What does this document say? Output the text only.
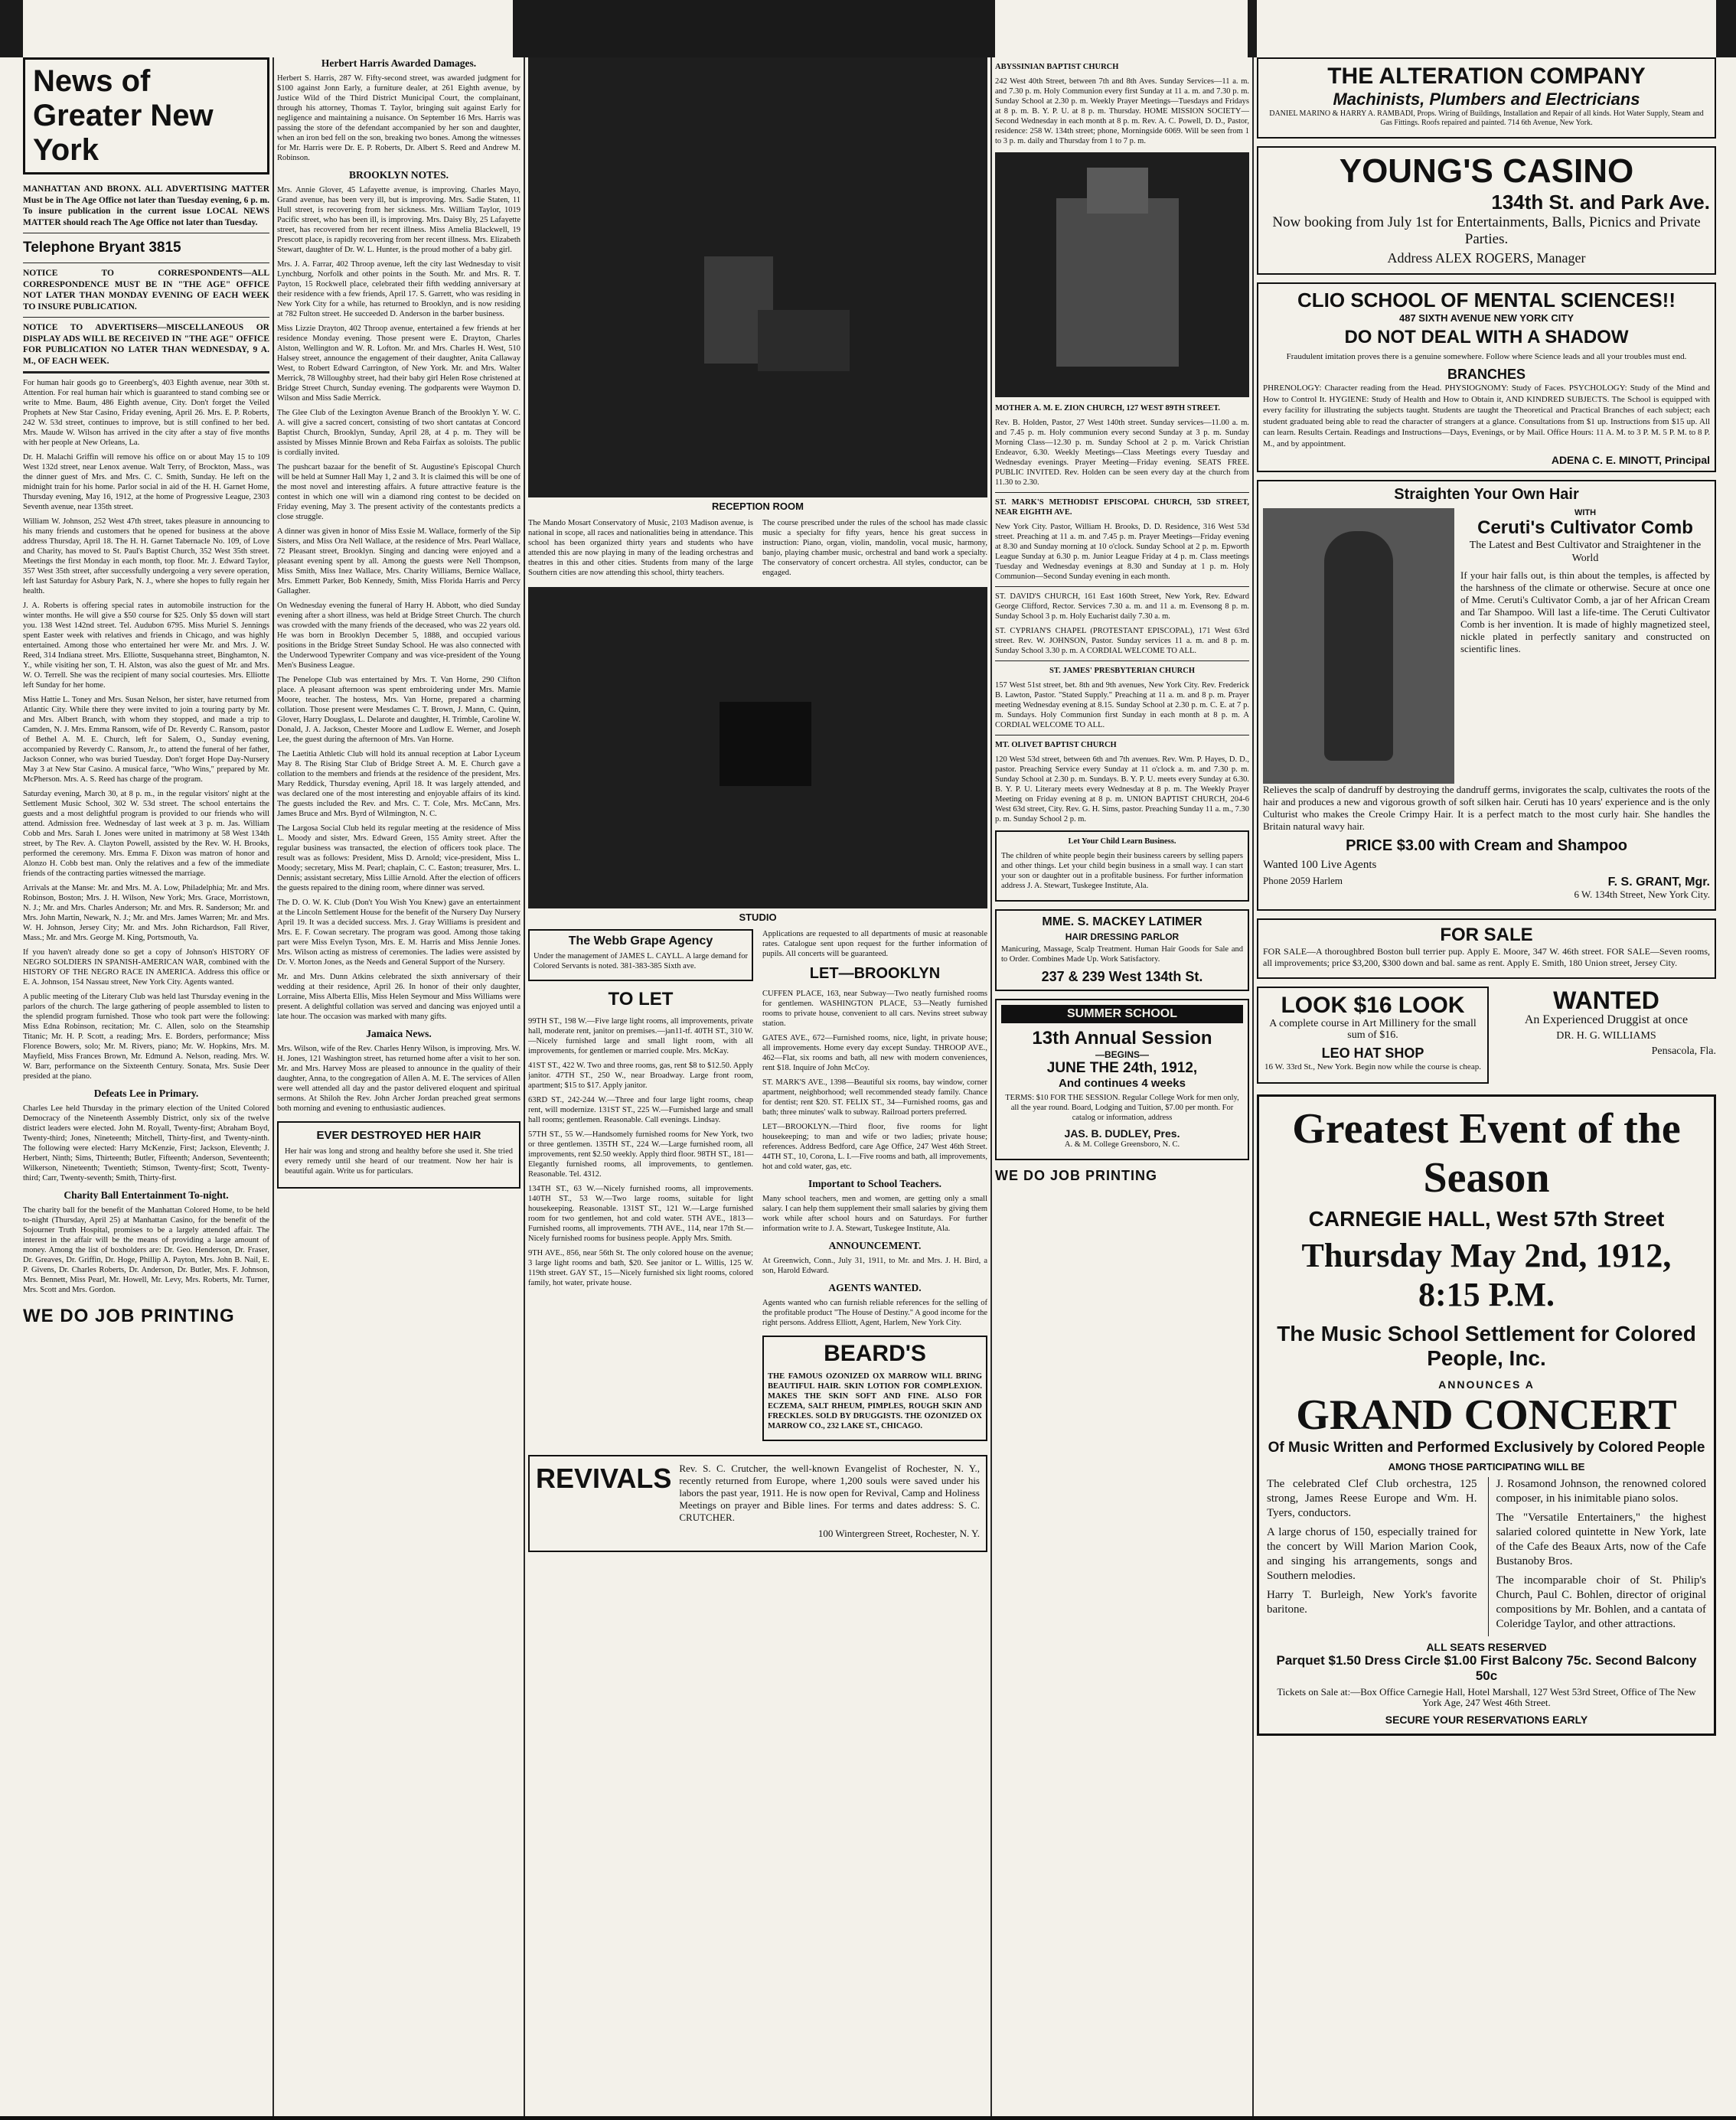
News of Greater New York

MANHATTAN AND BRONX. ALL ADVERTISING MATTER Must be in The Age Office not later than Tuesday evening, 6 p. m. To insure publication in the current issue LOCAL NEWS MATTER should reach The Age Office not later than Tuesday.

Telephone Bryant 3815

NOTICE TO CORRESPONDENTS—ALL CORRESPONDENCE MUST BE IN "THE AGE" OFFICE NOT LATER THAN MONDAY EVENING OF EACH WEEK TO INSURE PUBLICATION.

NOTICE TO ADVERTISERS—MISCELLANEOUS OR DISPLAY ADS WILL BE RECEIVED IN "THE AGE" OFFICE FOR PUBLICATION NO LATER THAN WEDNESDAY, 9 A. M., OF EACH WEEK.

For human hair goods go to Greenberg's, 403 Eighth avenue, near 30th st. Attention. For real human hair which is guaranteed to stand combing see or write to Mme. Baum, 486 Eighth avenue, City. Don't forget the Veiled Prophets at New Star Casino, Friday evening, April 26. Mrs. E. P. Roberts, 242 W. 53d street, continues to improve, but is still confined to her bed. Mrs. Maude W. Wilson has arrived in the city after a stay of five months with her people at New Orleans, La.

Dr. H. Malachi Griffin will remove his office on or about May 15 to 109 West 132d street, near Lenox avenue. Walt Terry, of Brockton, Mass., was the dinner guest of Mrs. and Mrs. C. C. Smith, Sunday. He left on the midnight train for his home. Parlor social in aid of the H. H. Garnet Home, Thursday evening, May 16, 1912, at the home of Progressive League, 2303 Seventh avenue, near 135th street.

William W. Johnson, 252 West 47th street, takes pleasure in announcing to his many friends and customers that he opened for business at the above address Thursday, April 18. The H. H. Garnet Tabernacle No. 109, of Love and Charity, has moved to St. Paul's Baptist Church, 352 West 35th street. Meetings the first Monday in each month, top floor. Mr. J. Edward Taylor, 357 West 35th street, after successfully undergoing a very severe operation, left last Saturday for Asbury Park, N. J., where she hopes to fully regain her health.

J. A. Roberts is offering special rates in automobile instruction for the winter months. He will give a $50 course for $25. Only $5 down will start you. 138 West 142nd street. Tel. Audubon 6795. Miss Muriel S. Jennings spent Easter week with relatives and friends in Chicago, and was highly entertained. Among those who entertained her were Mr. and Mrs. J. W. Reed, 314 Indiana street. Mrs. Elliotte, Susquehanna street, Binghamton, N. Y., while visiting her son, T. H. Alston, was also the guest of Mr. and Mrs. W. O. Terrell. She was the recipient of many social courtesies. Mrs. Elliotte left Sunday for her home.

Miss Hattie L. Toney and Mrs. Susan Nelson, her sister, have returned from Atlantic City. While there they were invited to join a touring party by Mr. and Mrs. Albert Branch, with whom they stopped, and made a trip to Camden, N. J. Mrs. Emma Ransom, wife of Dr. Reverdy C. Ransom, pastor of Bethel A. M. E. Church, left for Salem, O., Sunday evening, accompanied by Reverdy C. Ransom, Jr., to attend the funeral of her father, Jackson Conner, who was buried Tuesday. Don't forget Hope Day-Nursery May 3 at New Star Casino. A musical farce, "Who Wins," prepared by Mr. McPherson. Mrs. A. S. Reed has charge of the program.

Saturday evening, March 30, at 8 p. m., in the regular visitors' night at the Settlement Music School, 302 W. 53d street. The school entertains the guests and a most delightful program is provided to our friends who will attend. Admission free. Wednesday of last week at 3 p. m. Jas. William Cobb and Mrs. Sarah I. Jones were united in matrimony at 58 West 134th street, by The Rev. A. Clayton Powell, assisted by the Rev. W. H. Brooks, performed the ceremony. Mrs. Emma F. Dixon was matron of honor and Alonzo H. Cobb best man. Only the relatives and a few of the immediate friends of the contracting parties witnessed the marriage.

Arrivals at the Manse: Mr. and Mrs. M. A. Low, Philadelphia; Mr. and Mrs. Robinson, Boston; Mrs. J. H. Wilson, New York; Mrs. Grace, Morristown, N. J.; Mr. and Mrs. Charles Anderson; Mr. and Mrs. R. Sanderson; Mr. and Mrs. John Martin, Newark, N. J.; Mr. and Mrs. James Warren; Mr. and Mrs. W. H. Johnson, Jersey City; Mr. and Mrs. John Richardson, Fall River, Mass.; Mr. and Mrs. George M. King, Portsmouth, Va.

If you haven't already done so get a copy of Johnson's HISTORY OF NEGRO SOLDIERS IN SPANISH-AMERICAN WAR, combined with the HISTORY OF THE NEGRO RACE IN AMERICA. Address this office or E. A. Johnson, 154 Nassau street, New York City. Agents wanted.

A public meeting of the Literary Club was held last Thursday evening in the parlors of the church. The large gathering of people assembled to listen to the splendid program furnished. Those who took part were the following: Miss Edna Robinson, recitation; Mr. C. Allen, solo on the Steamship Titanic; Mr. H. P. Scott, a reading; Mrs. E. Borders, performance; Miss Florence Bowers, solo; Mr. M. Rivers, piano; Mr. W. Hopkins, Mrs. M. Mayfield, Miss Frances Brown, Mr. Edmund A. Nelson, reading. Mrs. W. W. Barr, performance on the Sixteenth Century. Sonata, Mrs. Susie Deer presided at the piano.

Defeats Lee in Primary.

Charles Lee held Thursday in the primary election of the United Colored Democracy of the Nineteenth Assembly District, only six of the twelve district leaders were elected. John M. Royall, Twenty-first; Abraham Boyd, Twenty-third; Jones, Nineteenth; Mitchell, Thirty-first, and Twenty-ninth. The following were elected: Harry McKenzie, First; Jackson, Eleventh; J. Herbert, Ninth; Sims, Thirteenth; Butler, Fifteenth; Anderson, Seventeenth; Wilkerson, Nineteenth; Twentieth; Stimson, Twenty-first; Scott, Twenty-third; Carr, Twenty-seventh; Smith, Thirty-first.

Charity Ball Entertainment To-night.

The charity ball for the benefit of the Manhattan Colored Home, to be held to-night (Thursday, April 25) at Manhattan Casino, for the benefit of the Sojourner Truth Hospital, promises to be a largely attended affair. The interest in the affair will be the means of providing a large amount of money. Among the list of boxholders are: Dr. Geo. Henderson, Dr. Fraser, Dr. Greaves, Dr. Griffin, Dr. Hoge, Phillip A. Payton, Mrs. John B. Nail, E. P. Givens, Dr. Charles Roberts, Dr. Anderson, Dr. Butler, Mrs. F. Johnson, Mrs. Bennett, Miss Pearl, Mr. Howell, Mr. Levy, Mrs. Roberts, Mr. Turner, Mrs. Scott and Mrs. Gordon.

WE DO JOB PRINTING
Herbert Harris Awarded Damages.

Herbert S. Harris, 287 W. Fifty-second street, was awarded judgment for $100 against Jonn Early, a furniture dealer, at 261 Eighth avenue, by Justice Wild of the Third District Municipal Court, the complainant, through his attorney, Thomas T. Taylor, bringing suit against Early for negligence and maintaining a nuisance. On September 16 Mrs. Harris was passing the store of the defendant accompanied by her son and daughter, when an iron bed fell on the son, breaking two bones. Among the witnesses for Mr. Harris were Dr. E. P. Roberts, Dr. Albert S. Reed and Andrew M. Robinson.

BROOKLYN NOTES.

Mrs. Annie Glover, 45 Lafayette avenue, is improving. Charles Mayo, Grand avenue, has been very ill, but is improving. Mrs. Sadie Staten, 11 Hull street, is recovering from her sickness. Mrs. William Taylor, 1019 Pacific street, who has been ill, is improving. Mrs. Daisy Bly, 25 Lafayette street, has recovered from her recent illness. Miss Amelia Blackwell, 19 Prescott place, is rapidly recovering from her recent illness. Mrs. Elizabeth Stewart, daughter of Dr. W. L. Hunter, is the proud mother of a baby girl.

Mrs. J. A. Farrar, 402 Throop avenue, left the city last Wednesday to visit Lynchburg, Norfolk and other points in the South. Mr. and Mrs. R. T. Payton, 15 Rockwell place, celebrated their fifth wedding anniversary at their residence with a few friends, April 17. S. Garrett, who was residing in New York City for a while, has returned to Brooklyn, and is now residing at 782 Fulton street. He succeeded D. Anderson in the barber business.

Miss Lizzie Drayton, 402 Throop avenue, entertained a few friends at her residence Monday evening. Those present were E. Drayton, Charles Alston, Wellington and W. R. Lofton. Mr. and Mrs. Charles H. West, 510 Halsey street, announce the engagement of their daughter, Anita Callaway West, to Robert Edward Carrington, of New York. Mr. and Mrs. Walter Merrick, 78 Willoughby street, had their baby girl Helen Rose christened at Bridge Street Church, Sunday evening. The godparents were Waymon D. Wilson and Miss Sadie Merrick.

The Glee Club of the Lexington Avenue Branch of the Brooklyn Y. W. C. A. will give a sacred concert, consisting of two short cantatas at Concord Baptist Church, Brooklyn, Sunday, April 28, at 4 p. m. They will be assisted by Misses Minnie Brown and Reba Fairfax as soloists. The public is cordially invited.

The pushcart bazaar for the benefit of St. Augustine's Episcopal Church will be held at Sumner Hall May 1, 2 and 3. It is claimed this will be one of the most novel and interesting affairs. A future attractive feature is the contest in which one will win a diamond ring contest to be decided on Friday evening, May 3. The present activity of the contestants predicts a close struggle.

A dinner was given in honor of Miss Essie M. Wallace, formerly of the Sip Sisters, and Miss Ora Nell Wallace, at the residence of Mrs. Pearl Wallace, 72 Pleasant street, Brooklyn. Singing and dancing were enjoyed and a pleasant evening spent by all. Among the guests were Nell Thompson, Miss Smith, Miss Inez Wallace, Mrs. Charity Williams, Bernice Wallace, Mrs. Emmett Parker, Bob Kennedy, Smith, Miss Florida Harris and Percy Gallagher.

On Wednesday evening the funeral of Harry H. Abbott, who died Sunday evening after a short illness, was held at Bridge Street Church. The church was crowded with the many friends of the deceased, who was 22 years old. He was born in Brooklyn December 5, 1888, and occupied various positions in the Bridge Street Sunday School. He was also connected with the Underwood Typewriter Company and was vice-president of the Young Men's Business League.

The Penelope Club was entertained by Mrs. T. Van Horne, 290 Clifton place. A pleasant afternoon was spent embroidering under Mrs. Mamie Moore, teacher. The hostess, Mrs. Van Horne, prepared a charming collation. Those present were Mesdames C. T. Brown, J. Mann, C. Quinn, Glover, Harry Douglass, L. Delarote and daughter, H. Trimble, Caroline W. Donald, J. A. Jackson, Chester Moore and Ludlow E. Werner, and Joseph Lee, the guest during the afternoon of Mrs. Van Horne.

The Laetitia Athletic Club will hold its annual reception at Labor Lyceum May 8. The Rising Star Club of Bridge Street A. M. E. Church gave a collation to the members and friends at the residence of the president, Mrs. Mary Reddick, Thursday evening, April 18. It was largely attended, and was declared one of the most interesting and enjoyable affairs of its kind. The guests included the Rev. and Mrs. C. T. Cole, Mrs. McCann, Mrs. James Bruce and Mrs. Byrd of Wilmington, N. C.

The Largosa Social Club held its regular meeting at the residence of Miss L. Moody and sister, Mrs. Edward Green, 155 Amity street. After the regular business was transacted, the election of officers took place. The result was as follows: President, Miss D. Arnold; vice-president, Miss L. Moody; secretary, Miss M. Pearl; chaplain, C. C. Easton; treasurer, Mrs. L. Dennis; assistant secretary, Miss Lillie Arnold. After the election of officers the guests repaired to the dining room, where dinner was served.

The D. O. W. K. Club (Don't You Wish You Knew) gave an entertainment at the Lincoln Settlement House for the benefit of the Nursery Day Nursery April 19. It was a decided success. Mrs. J. Gray Williams is president and Mrs. E. F. Cowan secretary. The program was good. Among those taking part were Miss Evelyn Tyson, Mrs. E. M. Harris and Miss Jennie Jones. Mrs. Wilson acting as mistress of ceremonies. The ladies were assisted by Dr. V. Morton Jones, as the Needs and General Support of the Nursery.

Mr. and Mrs. Dunn Atkins celebrated the sixth anniversary of their wedding at their residence, April 26. In honor of their only daughter, Lorraine, Miss Alberta Ellis, Miss Helen Seymour and Miss Williams were present. A delightful collation was served and dancing was enjoyed until a late hour. The occasion was marked with many gifts.

Jamaica News.

Mrs. Wilson, wife of the Rev. Charles Henry Wilson, is improving. Mrs. W. H. Jones, 121 Washington street, has returned home after a visit to her son. Mr. and Mrs. Harvey Moss are pleased to announce in the quality of their daughter, Anna, to the congregation of Allen A. M. E. The services of Allen were well attended all day and the pastor delivered eloquent and spiritual sermons. At Shiloh the Rev. John Archer Jordan preached great sermons both morning and evening to enthusiastic audiences.

EVER DESTROYED HER HAIR

Her hair was long and strong and healthy before she used it. She tried every remedy until she heard of our treatment. Now her hair is beautiful again. Write us for particulars.

RECEPTION ROOM

The Mando Mosart Conservatory of Music, 2103 Madison avenue, is national in scope, all races and nationalities being in attendance. This school has been organized thirty years and students who have attended this are now playing in many of the leading orchestras and theatres in this and other cities. Students from many of the large Southern cities are now attending this school, thirty teachers.

The course prescribed under the rules of the school has made classic music a specialty for fifty years, hence his great success in instruction: Piano, organ, violin, mandolin, vocal music, harmony, banjo, playing chamber music, orchestral and band work a specialty. The conservatory of concert orchestra. All styles, conductor, can be engaged.

STUDIO
The Webb Grape Agency

Under the management of JAMES L. CAYLL. A large demand for Colored Servants is noted. 381-383-385 Sixth ave.

TO LET

99TH ST., 198 W.—Five large light rooms, all improvements, private hall, moderate rent, janitor on premises.—jan11-tf. 40TH ST., 310 W.—Nicely furnished large and small light room, with all improvements, for gentlemen or married couple. Mrs. McKay.

41ST ST., 422 W. Two and three rooms, gas, rent $8 to $12.50. Apply janitor. 47TH ST., 250 W., near Broadway. Large front room, apartment; $15 to $17. Apply janitor.

63RD ST., 242-244 W.—Three and four large light rooms, cheap rent, will modernize. 131ST ST., 225 W.—Furnished large and small hall rooms; gentlemen. Reasonable. Call evenings. Lindsay.

57TH ST., 55 W.—Handsomely furnished rooms for New York, two or three gentlemen. 135TH ST., 224 W.—Large furnished room, all improvements, rent $2.50 weekly. Apply third floor. 98TH ST., 181—Elegantly furnished rooms, all improvements, to gentlemen. Reasonable. Tel. 4312.

134TH ST., 63 W.—Nicely furnished rooms, all improvements. 140TH ST., 53 W.—Two large rooms, suitable for light housekeeping. Reasonable. 131ST ST., 121 W.—Large furnished room for two gentlemen, hot and cold water. 5TH AVE., 1813—Furnished rooms, all improvements. 7TH AVE., 114, near 17th St.—Nicely furnished rooms for business people. Apply Mrs. Smith.

9TH AVE., 856, near 56th St. The only colored house on the avenue; 3 large light rooms and bath, $20. See janitor or L. Willis, 125 W. 119th street. GAY ST., 15—Nicely furnished six light rooms, colored family, hot water, private house.

Applications are requested to all departments of music at reasonable rates. Catalogue sent upon request for the further information of pupils. All concerts will be guaranteed.

LET—BROOKLYN

CUFFEN PLACE, 163, near Subway—Two neatly furnished rooms for gentlemen. WASHINGTON PLACE, 53—Neatly furnished rooms to private house, convenient to all cars. Nevins street subway station.

GATES AVE., 672—Furnished rooms, nice, light, in private house; all improvements. Home every day except Sunday. THROOP AVE., 462—Flat, six rooms and bath, all new with modern conveniences, rent $18. Inquire of John McCoy.

ST. MARK'S AVE., 1398—Beautiful six rooms, bay window, corner apartment, neighborhood; well recommended steady family. Chance for dentist; rent $20. ST. FELIX ST., 34—Furnished rooms, gas and bath; three minutes' walk to subway. Railroad porters preferred.

LET—BROOKLYN.—Third floor, five rooms for light housekeeping; to man and wife or two ladies; private house; references. Address Bedford, care Age Office, 247 West 46th Street. 44TH ST., 10, Corona, L. I.—Five rooms and bath, all improvements, hot and cold water, gas, etc.

Important to School Teachers.

Many school teachers, men and women, are getting only a small salary. I can help them supplement their small salaries by giving them work while after school hours and on Saturdays. For further information write to J. A. Stewart, Tuskegee Institute, Ala.

ANNOUNCEMENT.

At Greenwich, Conn., July 31, 1911, to Mr. and Mrs. J. H. Bird, a son, Harold Edward.

AGENTS WANTED.

Agents wanted who can furnish reliable references for the selling of the profitable product "The House of Destiny." A good income for the right persons. Address Elliott, Agent, Harlem, New York City.

BEARD'S

THE FAMOUS OZONIZED OX MARROW WILL BRING BEAUTIFUL HAIR. SKIN LOTION FOR COMPLEXION. MAKES THE SKIN SOFT AND FINE. ALSO FOR ECZEMA, SALT RHEUM, PIMPLES, ROUGH SKIN AND FRECKLES. SOLD BY DRUGGISTS. THE OZONIZED OX MARROW CO., 232 LAKE ST., CHICAGO.

REVIVALS Rev. S. C. Crutcher, the well-known Evangelist of Rochester, N. Y., recently returned from Europe, where 1,200 souls were saved under his labors the past year, 1911. He is now open for Revival, Camp and Holiness Meetings on prayer and Bible lines. For terms and dates address: S. C. CRUTCHER.

100 Wintergreen Street, Rochester, N. Y.

ABYSSINIAN BAPTIST CHURCH

242 West 40th Street, between 7th and 8th Aves. Sunday Services—11 a. m. and 7.30 p. m. Holy Communion every first Sunday at 11 a. m. and 7.30 p. m. Sunday School at 2.30 p. m. Weekly Prayer Meetings—Tuesdays and Fridays at 8 p. m. B. Y. P. U. at 8 p. m. Thursday. HOME MISSION SOCIETY—Second Wednesday in each month at 8 p. m. Rev. A. C. Powell, D. D., Pastor, residence: 258 W. 134th street; phone, Morningside 6069. Will be seen from 1 to 3 p. m. daily and Thursday from 1 to 7 p. m.

MOTHER A. M. E. ZION CHURCH, 127 WEST 89TH STREET.

Rev. B. Holden, Pastor, 27 West 140th street. Sunday services—11.00 a. m. and 7.45 p. m. Holy communion every second Sunday at 3 p. m. Sunday Morning Class—12.30 p. m. Sunday School at 2 p. m. Varick Christian Endeavor, 6.30. Weekly Meetings—Class Meetings every Tuesday and Wednesday evenings. Prayer Meeting—Friday evening. SEATS FREE. PUBLIC INVITED. Rev. Holden can be seen every day at the church from 11.30 to 2.30.

ST. MARK'S METHODIST EPISCOPAL CHURCH, 53D STREET, NEAR EIGHTH AVE.

New York City. Pastor, William H. Brooks, D. D. Residence, 316 West 53d street. Preaching at 11 a. m. and 7.45 p. m. Prayer Meetings—Friday evening at 8.30 and Sunday morning at 10 o'clock. Sunday School at 2 p. m. Epworth League Sunday at 6.30 p. m. Junior League Friday at 4 p. m. Class meetings Tuesday and Wednesday evenings at 8.30 and Sunday at 1 p. m. Holy Communion—Second Sunday evening in each month.

ST. DAVID'S CHURCH, 161 East 160th Street, New York, Rev. Edward George Clifford, Rector. Services 7.30 a. m. and 11 a. m. Evensong 8 p. m. Sunday School 3 p. m. Holy Eucharist daily 7.30 a. m.

ST. CYPRIAN'S CHAPEL (PROTESTANT EPISCOPAL), 171 West 63rd street. Rev. W. JOHNSON, Pastor. Sunday services 11 a. m. and 8 p. m. Sunday School 3.30 p. m. A CORDIAL WELCOME TO ALL.

ST. JAMES' PRESBYTERIAN CHURCH

157 West 51st street, bet. 8th and 9th avenues, New York City. Rev. Frederick B. Lawton, Pastor. "Stated Supply." Preaching at 11 a. m. and 8 p. m. Prayer meeting Wednesday evening at 8.15. Sunday School at 2.30 p. m. C. E. at 7 p. m. Sundays. Holy Communion first Sunday in each month at 8 p. m. A CORDIAL WELCOME TO ALL.

MT. OLIVET BAPTIST CHURCH

120 West 53d street, between 6th and 7th avenues. Rev. Wm. P. Hayes, D. D., pastor. Preaching Service every Sunday at 11 o'clock a. m. and 7.30 p. m. Sunday School at 2.30 p. m. Sundays. B. Y. P. U. meets every Sunday at 6.30. B. Y. P. U. Literary meets every Wednesday at 8 p. m. The Weekly Prayer Meeting on Friday evening at 8 p. m. UNION BAPTIST CHURCH, 204-6 West 63d street, City. Rev. G. H. Sims, pastor. Preaching Sunday 11 a. m., 7.30 p. m. Sunday School 2 p. m.

Let Your Child Learn Business.

The children of white people begin their business careers by selling papers and other things. Let your child begin business in a small way. I can start your son or daughter out in a profitable business. For further information address J. A. Stewart, Tuskegee Institute, Ala.

MME. S. MACKEY LATIMER
HAIR DRESSING PARLOR

Manicuring, Massage, Scalp Treatment. Human Hair Goods for Sale and to Order. Combines Made Up. Work Satisfactory.

237 & 239 West 134th St.
SUMMER SCHOOL
13th Annual Session
—BEGINS—
JUNE THE 24th, 1912,
And continues 4 weeks

TERMS: $10 FOR THE SESSION. Regular College Work for men only, all the year round. Board, Lodging and Tuition, $7.00 per month. For catalog or information, address

JAS. B. DUDLEY, Pres.

A. & M. College Greensboro, N. C.

WE DO JOB PRINTING
THE ALTERATION COMPANY
Machinists, Plumbers and Electricians

DANIEL MARINO & HARRY A. RAMBADI, Props. Wiring of Buildings, Installation and Repair of all kinds. Hot Water Supply, Steam and Gas Fittings. Roofs repaired and painted. 714 6th Avenue, New York.

YOUNG'S CASINO
134th St. and Park Ave.

Now booking from July 1st for Entertainments, Balls, Picnics and Private Parties.

Address ALEX ROGERS, Manager

CLIO SCHOOL OF MENTAL SCIENCES!!
487 SIXTH AVENUE NEW YORK CITY
DO NOT DEAL WITH A SHADOW

Fraudulent imitation proves there is a genuine somewhere. Follow where Science leads and all your troubles must end.

BRANCHES

PHRENOLOGY: Character reading from the Head. PHYSIOGNOMY: Study of Faces. PSYCHOLOGY: Study of the Mind and How to Control It. HYGIENE: Study of Health and How to Obtain it, AND KINDRED SUBJECTS. The School is equipped with every facility for illustrating the subjects taught. Students are taught the Theoretical and Practical Branches of each subject; each student graduated being able to read the character of strangers at a glance. Consultations from $1 up. Instructions from $15 up. All can learn. Results Certain. Readings and Instructions—Days, Evenings, or by Mail. Office Hours: 11 A. M. to 3 P. M. 5 P. M. to 8 P. M., and by appointment.

ADENA C. E. MINOTT, Principal
Straighten Your Own Hair
WITH
Ceruti's Cultivator Comb

The Latest and Best Cultivator and Straightener in the World

If your hair falls out, is thin about the temples, is affected by the harshness of the climate or otherwise. Secure at once one of Mme. Ceruti's Cultivator Comb, a jar of her African Cream and Tar Shampoo. Will last a life-time. The Ceruti Cultivator Comb is her invention. It is made of highly magnetized steel, nickle plated in perfectly sanitary and constructed on scientific lines.

Relieves the scalp of dandruff by destroying the dandruff germs, invigorates the scalp, cultivates the roots of the hair and produces a new and vigorous growth of soft silken hair. Ceruti has 10 years' experience and is the only Culturist who makes the Creole Crimpy Hair. It is a perfect match to the most curly hair. She handles the Britain natural wavy hair.

PRICE $3.00 with Cream and Shampoo

Wanted 100 Live Agents

Phone 2059 Harlem	F. S. GRANT, Mgr.

6 W. 134th Street, New York City.

FOR SALE

FOR SALE—A thoroughbred Boston bull terrier pup. Apply E. Moore, 347 W. 46th street. FOR SALE—Seven rooms, all improvements; price $3,200, $300 down and bal. same as rent. Apply E. Smith, 180 Union street, Jersey City.

LOOK $16 LOOK

A complete course in Art Millinery for the small sum of $16.

LEO HAT SHOP

16 W. 33rd St., New York. Begin now while the course is cheap.

WANTED

An Experienced Druggist at once

DR. H. G. WILLIAMS

Pensacola, Fla.

Greatest Event of the Season
CARNEGIE HALL, West 57th Street
Thursday May 2nd, 1912, 8:15 P.M.
The Music School Settlement for Colored People, Inc.
ANNOUNCES A
GRAND CONCERT
Of Music Written and Performed Exclusively by Colored People
AMONG THOSE PARTICIPATING WILL BE

The celebrated Clef Club orchestra, 125 strong, James Reese Europe and Wm. H. Tyers, conductors.

A large chorus of 150, especially trained for the concert by Will Marion Marion Cook, and singing his arrangements, songs and Southern melodies.

Harry T. Burleigh, New York's favorite baritone.

J. Rosamond Johnson, the renowned colored composer, in his inimitable piano solos.

The "Versatile Entertainers," the highest salaried colored quintette in New York, late of the Cafe des Beaux Arts, now of the Cafe Bustanoby Bros.

The incomparable choir of St. Philip's Church, Paul C. Bohlen, director of original compositions by Mr. Bohlen, and a cantata of Coleridge Taylor, and other attractions.

ALL SEATS RESERVED
Parquet $1.50 Dress Circle $1.00 First Balcony 75c. Second Balcony 50c

Tickets on Sale at:—Box Office Carnegie Hall, Hotel Marshall, 127 West 53rd Street, Office of The New York Age, 247 West 46th Street.

SECURE YOUR RESERVATIONS EARLY
